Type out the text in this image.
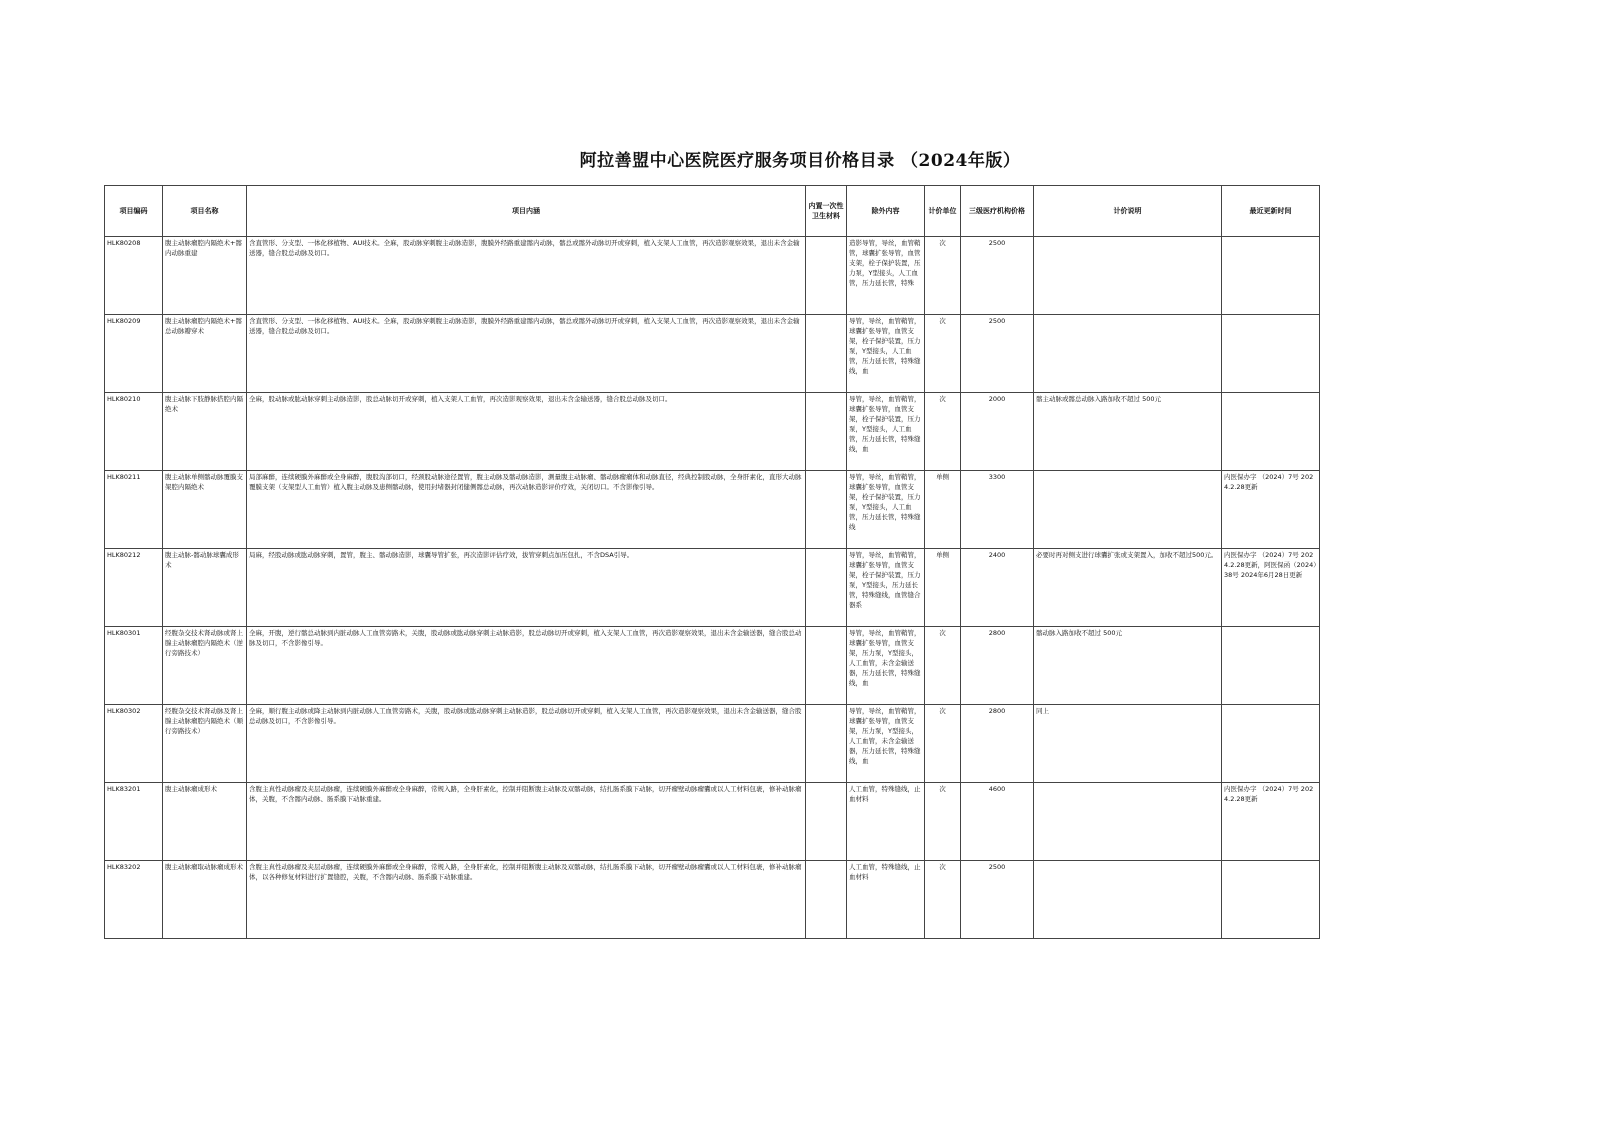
阿拉善盟中心医院医疗服务项目价格目录 （2024年版）
项目编码	项目名称	项目内涵	内置一次性卫生材料	除外内容	计价单位	三级医疗机构价格	计价说明	最近更新时间

HLK80208	腹主动脉瘤腔内隔绝术+髂内动脉重建	含直管形、分支型、一体化移植物、AUI技术。全麻，股动脉穿刺腹主动脉造影，腹膜外经路重建髂内动脉，髂总或髂外动脉切开或穿刺，植入支架人工血管，再次造影观察效果，退出未含金输送器，缝合股总动脉及切口。		造影导管，导丝，血管鞘管，球囊扩张导管，血管支架，栓子保护装置，压力泵，Y型接头，人工血管，压力延长管，特殊	次	2500		

HLK80209	腹主动脉瘤腔内隔绝术+髂总动脉瓣穿术	含直管形、分支型、一体化移植物、AUI技术。全麻，股动脉穿刺腹主动脉造影，腹膜外经路重建髂内动脉，髂总或髂外动脉切开或穿刺，植入支架人工血管，再次造影观察效果，退出未含金输送器，缝合股总动脉及切口。		导管，导丝，血管鞘管，球囊扩张导管，血管支架，栓子保护装置，压力泵，Y型接头，人工血管，压力延长管，特殊缝线，血	次	2500		

HLK80210	腹主动脉下肢静脉搭腔内隔绝术	全麻，股动脉或肱动脉穿刺主动脉造影，股总动脉切开或穿刺，植入支架人工血管，再次造影观察效果，退出未含金输送器，缝合股总动脉及切口。		导管，导丝，血管鞘管，球囊扩张导管，血管支架，栓子保护装置，压力泵，Y型接头，人工血管，压力延长管，特殊缝线，血	次	2000	髂主动脉或髂总动脉入路加收不超过 500元	

HLK80211	腹主动脉单侧髂动脉覆膜支架腔内隔绝术	局部麻醉，连续硬膜外麻醉或全身麻醉，腹股沟部切口，经颈股动脉途径置管，腹主动脉及髂动脉造影，测量腹主动脉瘤、髂动脉瘤瘤体和动脉直径，经典控制股动脉，全身肝素化，直形大动脉覆膜支架（支架型人工血管）植入腹主动脉及患侧髂动脉，使用封堵器封闭健侧髂总动脉，再次动脉造影评价疗效，关闭切口。不含影像引导。		导管，导丝，血管鞘管，球囊扩张导管，血管支架，栓子保护装置，压力泵，Y型接头，人工血管，压力延长管，特殊缝线	单侧	3300		内医保办字 （2024）7号 2024.2.28更新

HLK80212	腹主动脉-髂动脉球囊成形术	局麻，经股动脉或肱动脉穿刺，置管，腹主、髂动脉造影，球囊导管扩张，再次造影评估疗效，拔管穿刺点加压包扎，不含DSA引导。		导管，导丝，血管鞘管，球囊扩张导管，血管支架，栓子保护装置，压力泵，Y型接头，压力延长管，特殊缝线，血管缝合器系	单侧	2400	必要时再对侧支进行球囊扩张或支架置入，加收不超过500元。	内医保办字 （2024）7号 2024.2.28更新，阿医保函（2024）38号 2024年6月28日更新

HLK80301	经腹杂交技术肾动脉或肾上腺主动脉瘤腔内隔绝术（逆行旁路技术）	全麻，开腹，逆行髂总动脉到内脏动脉人工血管旁路术，关腹，股动脉或肱动脉穿刺主动脉造影，股总动脉切开或穿刺，植入支架人工血管，再次造影观察效果，退出未含金输送器，缝合股总动脉及切口，不含影像引导。		导管，导丝，血管鞘管，球囊扩张导管，血管支架，压力泵，Y型接头，人工血管，未含金输送器，压力延长管，特殊缝线，血	次	2800	髂动脉入路加收不超过 500元	

HLK80302	经腹杂交技术肾动脉及肾上腺主动脉瘤腔内隔绝术（顺行旁路技术）	全麻，顺行腹主动脉或降主动脉到内脏动脉人工血管旁路术，关腹，股动脉或肱动脉穿刺主动脉造影，股总动脉切开或穿刺，植入支架人工血管，再次造影观察效果，退出未含金输送器，缝合股总动脉及切口，不含影像引导。		导管，导丝，血管鞘管，球囊扩张导管，血管支架，压力泵，Y型接头，人工血管，未含金输送器，压力延长管，特殊缝线，血	次	2800	同上	

HLK83201	腹主动脉瘤成形术	含腹主真性动脉瘤及夹层动脉瘤，连续硬膜外麻醉或全身麻醉，常规入路，全身肝素化，控制并阻断腹主动脉及双髂动脉，结扎肠系膜下动脉，切开瘤壁动脉瘤囊或以人工材料包裹，修补动脉瘤体，关腹，不含髂内动脉、肠系膜下动脉重建。		人工血管，特殊缝线，止血材料	次	4600		内医保办字 （2024）7号 2024.2.28更新

HLK83202	腹主动脉瘤取动脉瘤成形术	含腹主真性动脉瘤及夹层动脉瘤，连续硬膜外麻醉或全身麻醉，常规入路，全身肝素化，控制并阻断腹主动脉及双髂动脉，结扎肠系膜下动脉，切开瘤壁动脉瘤囊或以人工材料包裹，修补动脉瘤体，以各种修复材料进行扩置缝腔，关腹，不含髂内动脉、肠系膜下动脉重建。		人工血管，特殊缝线，止血材料	次	2500		
